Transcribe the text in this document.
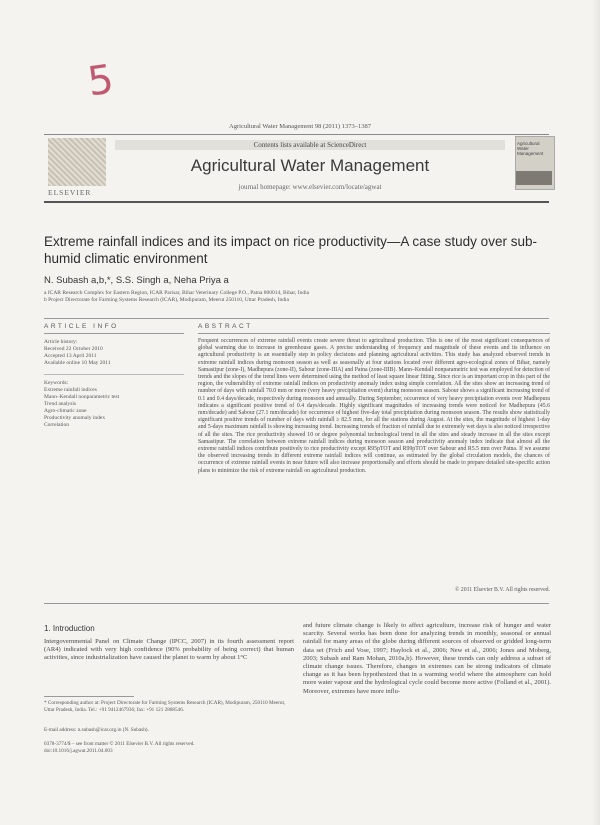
5
Agricultural Water Management 98 (2011) 1373–1387
ELSEVIER
Contents lists available at ScienceDirect
Agricultural Water Management
journal homepage: www.elsevier.com/locate/agwat
Agricultural Water Management
Extreme rainfall indices and its impact on rice productivity—A case study over sub-humid climatic environment
N. Subash a,b,*, S.S. Singh a, Neha Priya a
a ICAR Research Complex for Eastern Region, ICAR Parisar, Bihar Veterinary College P.O., Patna 800014, Bihar, India
b Project Directorate for Farming Systems Research (ICAR), Modipuram, Meerut 250110, Uttar Pradesh, India
ARTICLE INFO	ABSTRACT
Article history:
Received 22 October 2010
Accepted 13 April 2011
Available online 10 May 2011
Keywords:
Extreme rainfall indices
Mann–Kendall nonparametric test
Trend analysis
Agro-climatic zone
Productivity anomaly index
Correlation
Frequent occurrences of extreme rainfall events create severe threat to agricultural production. This is one of the most significant consequences of global warming due to increase in greenhouse gases. A precise understanding of frequency and magnitude of these events and its influence on agricultural productivity is an essentially step in policy decisions and planning agricultural activities. This study has analyzed observed trends in extreme rainfall indices during monsoon season as well as seasonally at four stations located over different agro-ecological zones of Bihar, namely Samastipur (zone-I), Madhepura (zone-II), Sabour (zone-IIIA) and Patna (zone-IIIB). Mann–Kendall nonparametric test was employed for detection of trends and the slopes of the trend lines were determined using the method of least square linear fitting. Since rice is an important crop in this part of the region, the vulnerability of extreme rainfall indices on productivity anomaly index using simple correlation. All the sites show an increasing trend of number of days with rainfall 70.0 mm or more (very heavy precipitation event) during monsoon season. Sabour shows a significant increasing trend of 0.1 and 0.4 days/decade, respectively during monsoon and annually. During September, occurrence of very heavy precipitation events over Madhepura indicates a significant positive trend of 0.4 days/decade. Highly significant magnitudes of increasing trends were noticed for Madhepura (45.6 mm/decade) and Sabour (27.1 mm/decade) for occurrence of highest five-day total precipitation during monsoon season. The results show statistically significant positive trends of number of days with rainfall ≥ 82.5 mm, for all the stations during August. At the sites, the magnitude of highest 1-day and 5-days maximum rainfall is showing increasing trend. Increasing trends of fraction of rainfall due to extremely wet days is also noticed irrespective of all the sites. The rice productivity showed 10 or degree polynomial technological trend in all the sites and steady increase in all the sites except Samastipur. The correlation between extreme rainfall indices during monsoon season and productivity anomaly index indicate that almost all the extreme rainfall indices contribute positively to rice productivity except R95pTOT and R99pTOT over Sabour and R5.5 mm over Patna. If we assume the observed increasing trends in different extreme rainfall indices will continue, as estimated by the global circulation models, the chances of occurrence of extreme rainfall events in near future will also increase proportionally and efforts should be made to prepare detailed site-specific action plans to minimize the risk of extreme rainfall on agricultural production.
© 2011 Elsevier B.V. All rights reserved.
1. Introduction
Intergovernmental Panel on Climate Change (IPCC, 2007) in its fourth assessment report (AR4) indicated with very high confidence (90% probability of being correct) that human activities, since industrialization have caused the planet to warm by about 1°C
and future climate change is likely to affect agriculture, increase risk of hunger and water scarcity. Several works has been done for analyzing trends in monthly, seasonal or annual rainfall for many areas of the globe during different sources of observed or gridded long-term data set (Frich and Vose, 1997; Haylock et al., 2006; New et al., 2006; Jones and Moberg, 2003; Subash and Ram Mohan, 2010a,b). However, these trends can only address a subset of climate change issues. Therefore, changes in extremes can be strong indicators of climate change as it has been hypothesized that in a warming world where the atmosphere can hold more water vapour and the hydrological cycle could become more active (Folland et al., 2001). Moreover, extremes have more influ-
* Corresponding author at: Project Directorate for Farming Systems Research (ICAR), Modipuram, 250110 Meerut, Uttar Pradesh, India. Tel.: +91 9412467936; fax: +91 121 2888546.
E-mail address: n.subash@icar.org.in (N. Subash).
0378-3774/$ – see front matter © 2011 Elsevier B.V. All rights reserved.
doi:10.1016/j.agwat.2011.04.003
